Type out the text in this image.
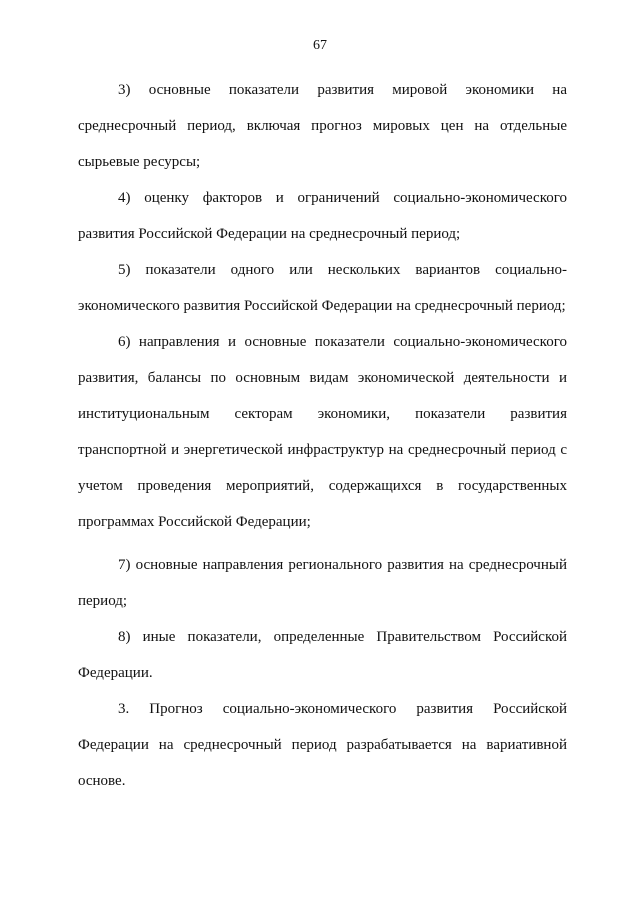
67

3) основные показатели развития мировой экономики на среднесрочный период, включая прогноз мировых цен на отдельные сырьевые ресурсы;

4) оценку факторов и ограничений социально-экономического развития Российской Федерации на среднесрочный период;

5) показатели одного или нескольких вариантов социально-экономического развития Российской Федерации на среднесрочный период;

6) направления и основные показатели социально-экономического развития, балансы по основным видам экономической деятельности и институциональным секторам экономики, показатели развития транспортной и энергетической инфраструктур на среднесрочный период с учетом проведения мероприятий, содержащихся в государственных программах Российской Федерации;

7) основные направления регионального развития на среднесрочный период;

8) иные показатели, определенные Правительством Российской Федерации.

3. Прогноз социально-экономического развития Российской Федерации на среднесрочный период разрабатывается на вариативной основе.
